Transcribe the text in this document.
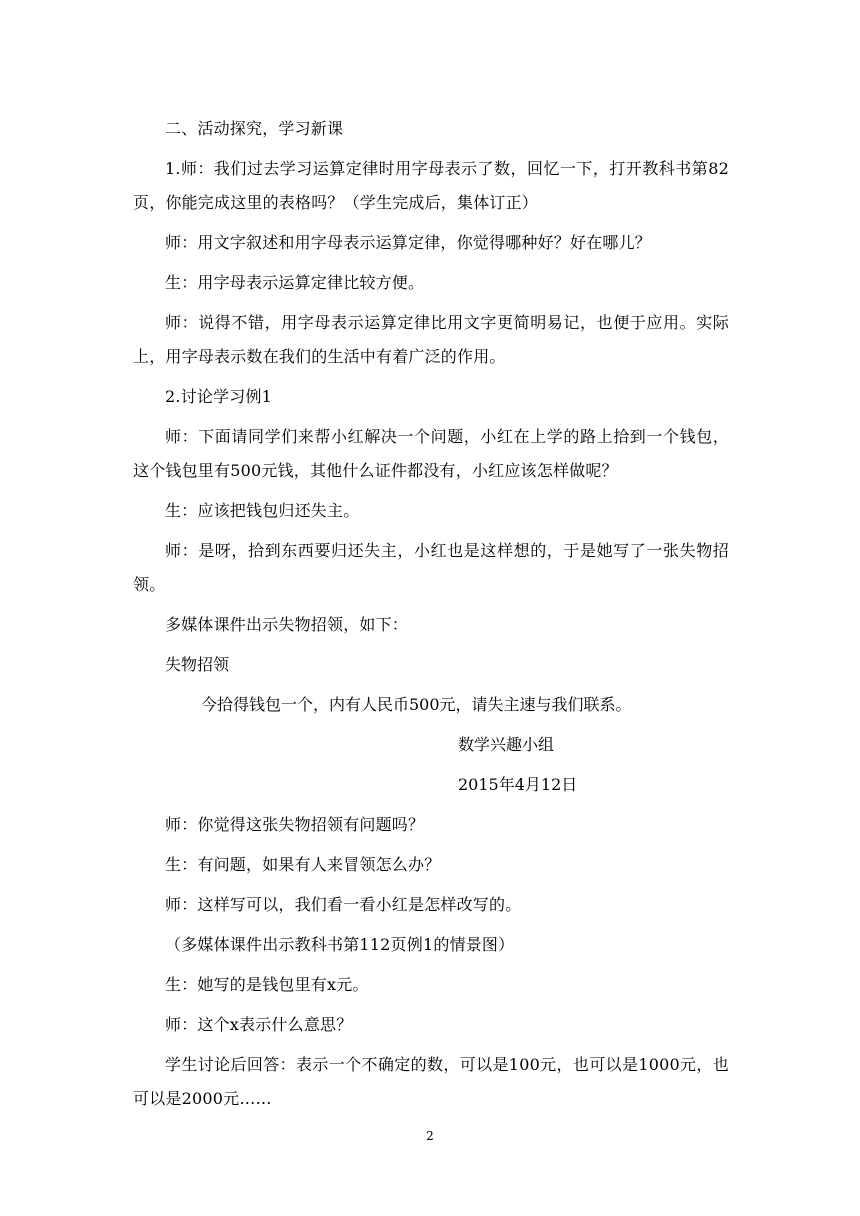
二、活动探究，学习新课

1.师：我们过去学习运算定律时用字母表示了数，回忆一下，打开教科书第82页，你能完成这里的表格吗？（学生完成后，集体订正）

师：用文字叙述和用字母表示运算定律，你觉得哪种好？好在哪儿？

生：用字母表示运算定律比较方便。

师：说得不错，用字母表示运算定律比用文字更简明易记，也便于应用。实际上，用字母表示数在我们的生活中有着广泛的作用。

2.讨论学习例1

师：下面请同学们来帮小红解决一个问题，小红在上学的路上拾到一个钱包，这个钱包里有500元钱，其他什么证件都没有，小红应该怎样做呢？

生：应该把钱包归还失主。

师：是呀，拾到东西要归还失主，小红也是这样想的，于是她写了一张失物招领。

多媒体课件出示失物招领，如下：

失物招领

今拾得钱包一个，内有人民币500元，请失主速与我们联系。

数学兴趣小组

2015年4月12日

师：你觉得这张失物招领有问题吗？

生：有问题，如果有人来冒领怎么办？

师：这样写可以，我们看一看小红是怎样改写的。

（多媒体课件出示教科书第112页例1的情景图）

生：她写的是钱包里有x元。

师：这个x表示什么意思？

学生讨论后回答：表示一个不确定的数，可以是100元，也可以是1000元，也可以是2000元……

2
